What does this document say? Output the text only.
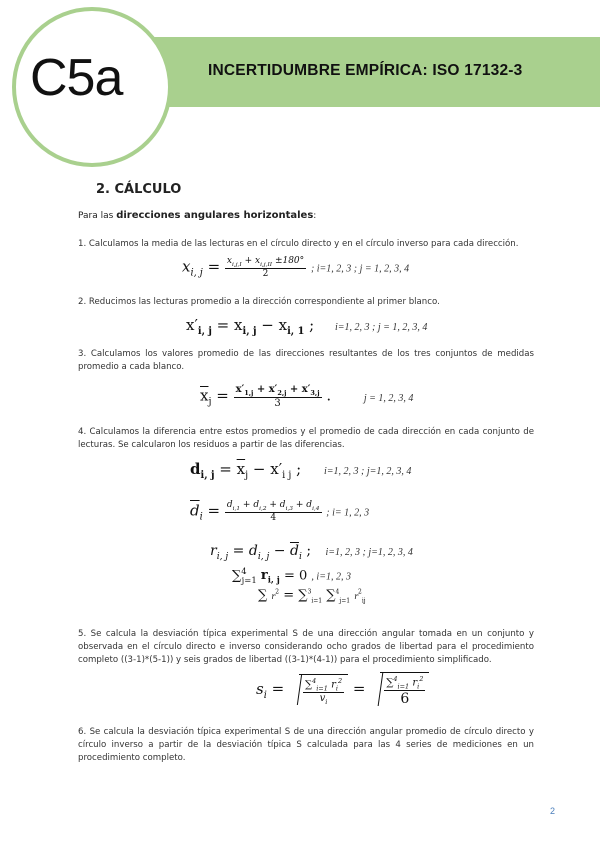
INCERTIDUMBRE EMPÍRICA: ISO 17132-3
C5a
2. CÁLCULO
Para las direcciones angulares horizontales:
1. Calculamos la media de las lecturas en el círculo directo y en el círculo inverso para cada dirección.
$x_{i, j} = \frac{x_{i,j,I} + x_{i,j,II} \pm 180^\circ}{2}$ ; i=1, 2, 3 ; j = 1, 2, 3, 4
2. Reducimos las lecturas promedio a la dirección correspondiente al primer blanco.
$x'_{i, j} = x_{i, j} - x_{i, 1}$ ; i=1, 2, 3 ; j = 1, 2, 3, 4
3. Calculamos los valores promedio de las direcciones resultantes de los tres conjuntos de medidas promedio a cada blanco.
$\overline{x}_j = \frac{x'_{1,j} + x'_{2,j} + x'_{3,j}}{3}$ .	j = 1, 2, 3, 4
4. Calculamos la diferencia entre estos promedios y el promedio de cada dirección en cada conjunto de lecturas. Se calcularon los residuos a partir de las diferencias.
$d_{i, j} = \overline{x}_j - x'_{i j}$ ; i=1, 2, 3 ; j=1, 2, 3, 4
$\overline{d}_i = \frac{d_{i,1} + d_{i,2} + d_{i,3} + d_{i,4}}{4}$ ; i= 1, 2, 3
$r_{i, j} = d_{i, j} - \overline{d}_i$ ; i=1, 2, 3 ; j=1, 2, 3, 4
∑$^4_{j=1}$ $r_{i, j} = 0$ , i=1, 2, 3
∑ $r^2 = \sum^3_{i=1}$ ∑$^4_{j=1}$ $r^2_{ij}$
5. Se calcula la desviación típica experimental S de una dirección angular tomada en un conjunto y observada en el círculo directo e inverso considerando ocho grados de libertad para el procedimiento completo ((3-1)*(5-1)) y seis grados de libertad ((3-1)*(4-1)) para el procedimiento simplificado.
$s_i = \frac{\sum^4_{i=1} r_i^2}{v_i} = \frac{\sum^4_{i=1} r_i^2}{6}$
6. Se calcula la desviación típica experimental S de una dirección angular promedio de círculo directo y círculo inverso a partir de la desviación típica S calculada para las 4 series de mediciones en un procedimiento completo.
2
